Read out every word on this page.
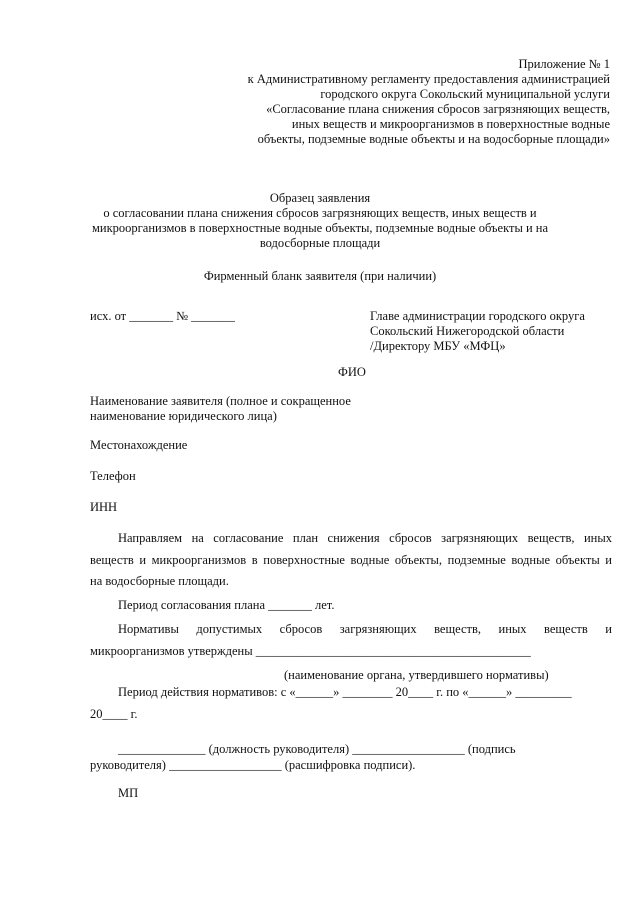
Приложение № 1

к Административному регламенту предоставления администрацией

городского округа Сокольский муниципальной услуги

«Согласование плана снижения сбросов загрязняющих веществ,

иных веществ и микроорганизмов в поверхностные водные

объекты, подземные водные объекты и на водосборные площади»

Образец заявления

о согласовании плана снижения сбросов загрязняющих веществ, иных веществ и

микроорганизмов в поверхностные водные объекты, подземные водные объекты и на

водосборные площади

Фирменный бланк заявителя (при наличии)

исх. от _______ № _______	Главе администрации городского округа

Сокольский Нижегородской области

/Директору МБУ «МФЦ»

ФИО

Наименование заявителя (полное и сокращенное

наименование юридического лица)

Местонахождение

Телефон

ИНН

Направляем на согласование план снижения сбросов загрязняющих веществ, иных

веществ и микроорганизмов в поверхностные водные объекты, подземные водные объекты и

на водосборные площади.

Период согласования плана _______ лет.

Нормативы допустимых сбросов загрязняющих веществ, иных веществ и

микроорганизмов утверждены ____________________________________________

(наименование органа, утвердившего нормативы)

Период действия нормативов: с «______» ________ 20____ г. по «______» _________

20____ г.

______________ (должность руководителя) __________________ (подпись

руководителя) __________________ (расшифровка подписи).

МП
